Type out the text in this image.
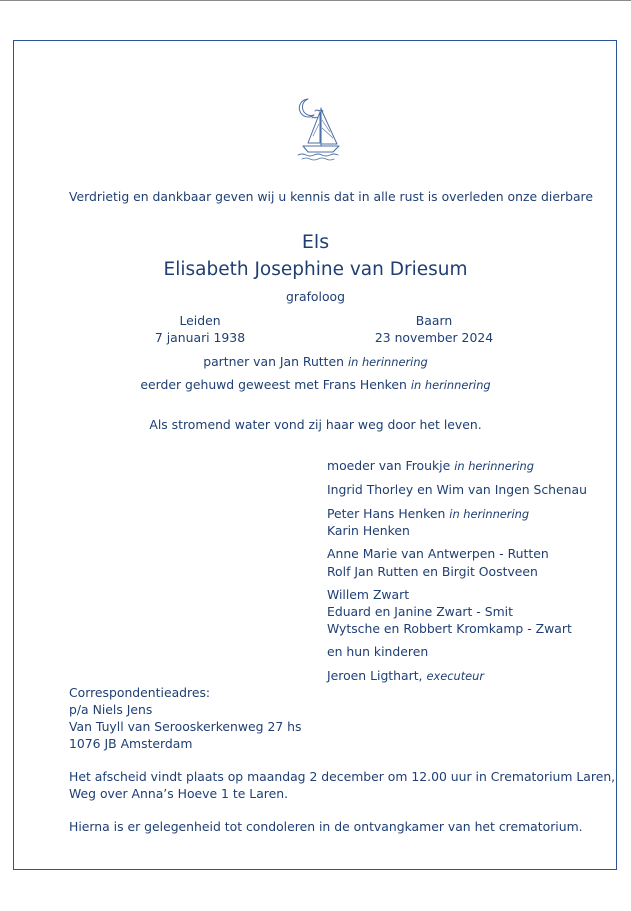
Verdrietig en dankbaar geven wij u kennis dat in alle rust is overleden onze dierbare
Els
Elisabeth Josephine van Driesum
grafoloog
Leiden
7 januari 1938
Baarn
23 november 2024
partner van Jan Rutten in herinnering
eerder gehuwd geweest met Frans Henken in herinnering
Als stromend water vond zij haar weg door het leven.
moeder van Froukje in herinnering
Ingrid Thorley en Wim van Ingen Schenau
Peter Hans Henken in herinnering
Karin Henken
Anne Marie van Antwerpen - Rutten
Rolf Jan Rutten en Birgit Oostveen
Willem Zwart
Eduard en Janine Zwart - Smit
Wytsche en Robbert Kromkamp - Zwart
en hun kinderen
Jeroen Ligthart, executeur
Correspondentieadres:
p/a Niels Jens
Van Tuyll van Serooskerkenweg 27 hs
1076 JB Amsterdam
Het afscheid vindt plaats op maandag 2 december om 12.00 uur in Crematorium Laren,
Weg over Anna’s Hoeve 1 te Laren.
Hierna is er gelegenheid tot condoleren in de ontvangkamer van het crematorium.
